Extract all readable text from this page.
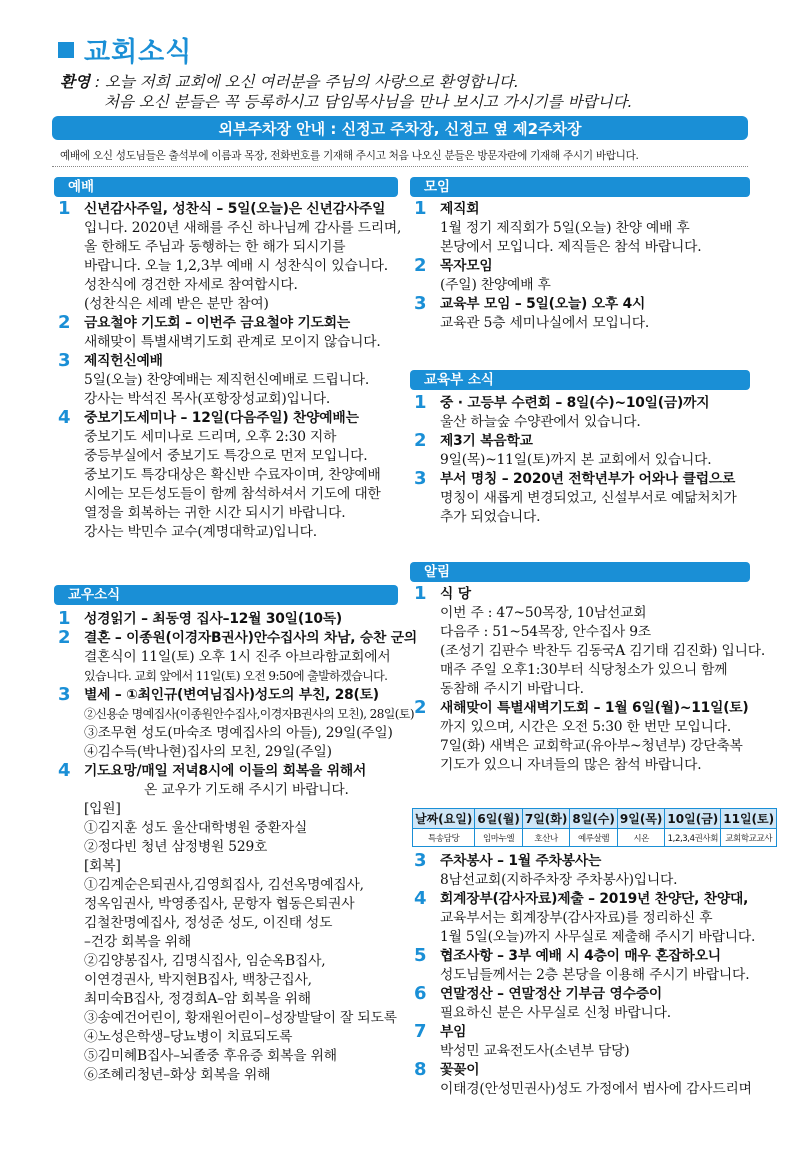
교회소식
환영 : 오늘 저희 교회에 오신 여러분을 주님의 사랑으로 환영합니다.
처음 오신 분들은 꼭 등록하시고 담임목사님을 만나 보시고 가시기를 바랍니다.
외부주차장 안내 : 신정고 주차장, 신정고 옆 제2주차장
예배에 오신 성도님들은 출석부에 이름과 목장, 전화번호를 기재해 주시고 처음 나오신 분들은 방문자란에 기재해 주시기 바랍니다.
예배
교우소식
모임
교육부 소식
알림
1 신년감사주일, 성찬식 – 5일(오늘)은 신년감사주일
입니다. 2020년 새해를 주신 하나님께 감사를 드리며,
올 한해도 주님과 동행하는 한 해가 되시기를
바랍니다. 오늘 1,2,3부 예배 시 성찬식이 있습니다.
성찬식에 경건한 자세로 참여합시다.
(성찬식은 세례 받은 분만 참여)
2 금요철야 기도회 – 이번주 금요철야 기도회는
새해맞이 특별새벽기도회 관계로 모이지 않습니다.
3 제직헌신예배
5일(오늘) 찬양예배는 제직헌신예배로 드립니다.
강사는 박석진 목사(포항장성교회)입니다.
4 중보기도세미나 – 12일(다음주일) 찬양예배는
중보기도 세미나로 드리며, 오후 2:30 지하
중등부실에서 중보기도 특강으로 먼저 모입니다.
중보기도 특강대상은 확신반 수료자이며, 찬양예배
시에는 모든성도들이 함께 참석하셔서 기도에 대한
열정을 회복하는 귀한 시간 되시기 바랍니다.
강사는 박민수 교수(계명대학교)입니다.
1 성경읽기 – 최동영 집사–12월 30일(10독)
2 결혼 – 이종원(이경자B권사)안수집사의 차남, 승찬 군의
결혼식이 11일(토) 오후 1시 진주 아브라함교회에서
있습니다. 교회 앞에서 11일(토) 오전 9:50에 출발하겠습니다.
3 별세 – ①최인규(변여님집사)성도의 부친, 28(토)
②신용순 명예집사(이종원안수집사,이경자B권사의 모친), 28일(토)
③조무현 성도(마숙조 명예집사의 아들), 29일(주일)
④김수득(박나현)집사의 모친, 29일(주일)
4 기도요망/매일 저녁8시에 이들의 회복을 위해서
온 교우가 기도해 주시기 바랍니다.
[입원]
①김지훈 성도 울산대학병원 중환자실
②정다빈 청년 삼정병원 529호
[회복]
①김계순은퇴권사,김영희집사, 김선옥명예집사,
정옥임권사, 박영종집사, 문항자 협동은퇴권사
김철찬명예집사, 정성준 성도, 이진태 성도
–건강 회복을 위해
②김양봉집사, 김명식집사, 임순옥B집사,
이연경권사, 박지현B집사, 백창근집사,
최미숙B집사, 정경희A–암 회복을 위해
③송예건어린이, 황재원어린이–성장발달이 잘 되도록
④노성은학생–당뇨병이 치료되도록
⑤김미혜B집사–뇌졸중 후유증 회복을 위해
⑥조혜리청년–화상 회복을 위해
1 제직회
1월 정기 제직회가 5일(오늘) 찬양 예배 후
본당에서 모입니다. 제직들은 참석 바랍니다.
2 목자모임
(주일) 찬양예배 후
3 교육부 모임 – 5일(오늘) 오후 4시
교육관 5층 세미나실에서 모입니다.
1 중 · 고등부 수련회 – 8일(수)~10일(금)까지
울산 하늘숲 수양관에서 있습니다.
2 제3기 복음학교
9일(목)~11일(토)까지 본 교회에서 있습니다.
3 부서 명칭 – 2020년 전학년부가 어와나 클럽으로
명칭이 새롭게 변경되었고, 신설부서로 예닮처치가
추가 되었습니다.
1 식 당
이번 주 : 47~50목장, 10남선교회
다음주 : 51~54목장, 안수집사 9조
(조성기 김판수 박찬두 김동국A 김기태 김진화) 입니다.
매주 주일 오후1:30부터 식당청소가 있으니 함께
동참해 주시기 바랍니다.
2 새해맞이 특별새벽기도회 – 1월 6일(월)~11일(토)
까지 있으며, 시간은 오전 5:30 한 번만 모입니다.
7일(화) 새벽은 교회학교(유아부~청년부) 강단축복
기도가 있으니 자녀들의 많은 참석 바랍니다.
날짜(요일)	6일(월)	7일(화)	8일(수)	9일(목)	10일(금)	11일(토)
특송담당	임마누엘	호산나	예루살렘	시온	1,2,3,4권사회	교회학교교사
3 주차봉사 – 1월 주차봉사는
8남선교회(지하주차장 주차봉사)입니다.
4 회계장부(감사자료)제출 – 2019년 찬양단, 찬양대,
교육부서는 회계장부(감사자료)를 정리하신 후
1월 5일(오늘)까지 사무실로 제출해 주시기 바랍니다.
5 협조사항 – 3부 예배 시 4층이 매우 혼잡하오니
성도님들께서는 2층 본당을 이용해 주시기 바랍니다.
6 연말정산 – 연말정산 기부금 영수증이
필요하신 분은 사무실로 신청 바랍니다.
7 부임
박성민 교육전도사(소년부 담당)
8 꽃꽂이
이태경(안성민권사)성도 가정에서 범사에 감사드리며
